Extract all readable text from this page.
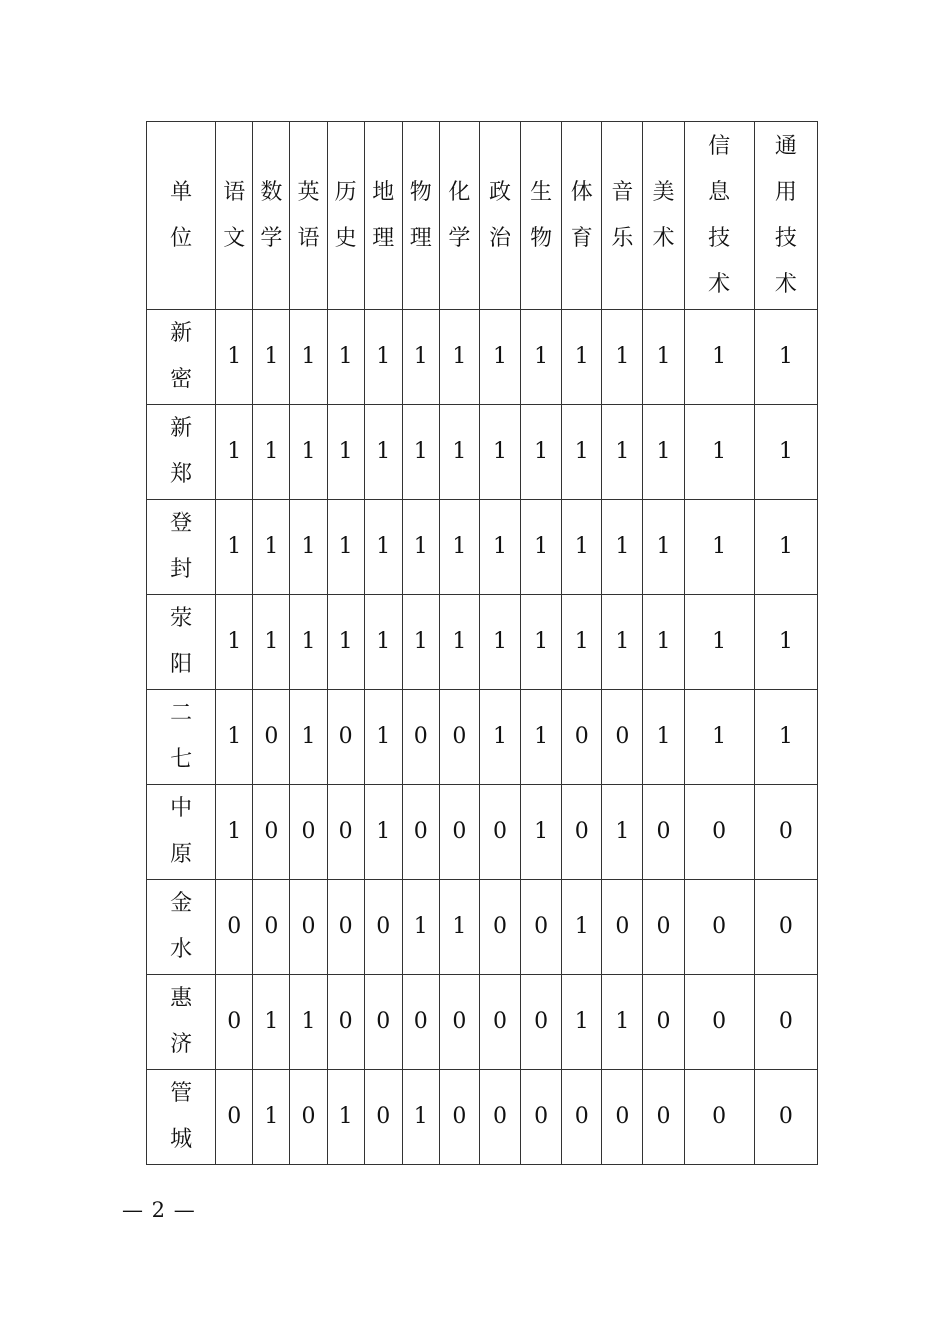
单位	语文	数学	英语	历史	地理	物理	化学	政治	生物	体育	音乐	美术	信息技术	通用技术
新密	1	1	1	1	1	1	1	1	1	1	1	1	1	1
新郑	1	1	1	1	1	1	1	1	1	1	1	1	1	1
登封	1	1	1	1	1	1	1	1	1	1	1	1	1	1
荥阳	1	1	1	1	1	1	1	1	1	1	1	1	1	1
二七	1	0	1	0	1	0	0	1	1	0	0	1	1	1
中原	1	0	0	0	1	0	0	0	1	0	1	0	0	0
金水	0	0	0	0	0	1	1	0	0	1	0	0	0	0
惠济	0	1	1	0	0	0	0	0	0	1	1	0	0	0
管城	0	1	0	1	0	1	0	0	0	0	0	0	0	0
— 2 —
